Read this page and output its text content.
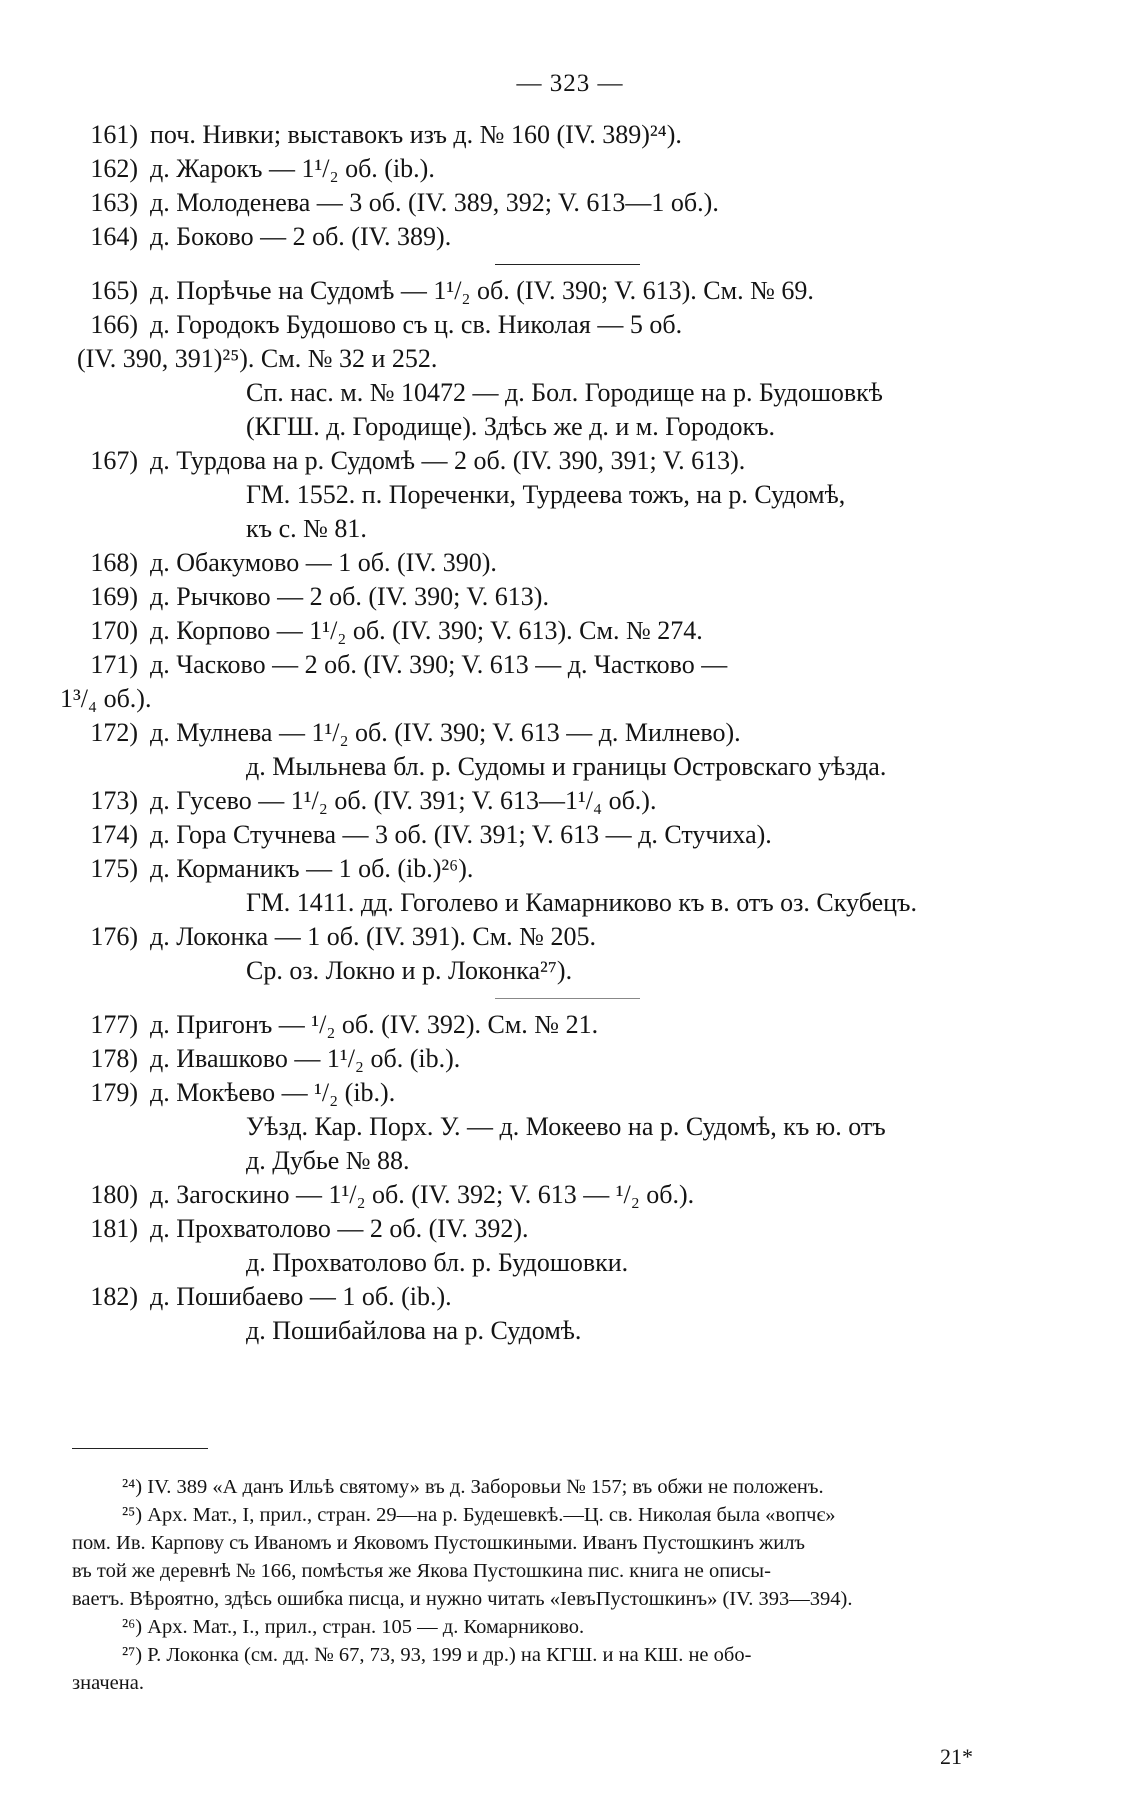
— 323 —
161) поч. Нивки; выставокъ изъ д. № 160 (IV. 389)²⁴).
162) д. Жарокъ — 1¹/₂ об. (ib.).
163) д. Молоденева — 3 об. (IV. 389, 392; V. 613—1 об.).
164) д. Боково — 2 об. (IV. 389).
165) д. Порѣчье на Судомѣ — 1¹/₂ об. (IV. 390; V. 613). См. № 69.
166) д. Городокъ Будошово съ ц. св. Николая — 5 об.
(IV. 390, 391)²⁵). См. № 32 и 252.
Сп. нас. м. № 10472 — д. Бол. Городище на р. Будошовкѣ
(КГШ. д. Городище). Здѣсь же д. и м. Городокъ.
167) д. Турдова на р. Судомѣ — 2 об. (IV. 390, 391; V. 613).
ГМ. 1552. п. Пореченки, Турдеева тожъ, на р. Судомѣ,
къ с. № 81.
168) д. Обакумово — 1 об. (IV. 390).
169) д. Рычково — 2 об. (IV. 390; V. 613).
170) д. Корпово — 1¹/₂ об. (IV. 390; V. 613). См. № 274.
171) д. Часково — 2 об. (IV. 390; V. 613 — д. Частково —
1³/₄ об.).
172) д. Мулнева — 1¹/₂ об. (IV. 390; V. 613 — д. Милнево).
д. Мыльнева бл. р. Судомы и границы Островскаго уѣзда.
173) д. Гусево — 1¹/₂ об. (IV. 391; V. 613—1¹/₄ об.).
174) д. Гора Стучнева — 3 об. (IV. 391; V. 613 — д. Стучиха).
175) д. Корманикъ — 1 об. (ib.)²⁶).
ГМ. 1411. дд. Гоголево и Камарниково къ в. отъ оз. Скубецъ.
176) д. Локонка — 1 об. (IV. 391). См. № 205.
Ср. оз. Локно и р. Локонка²⁷).
177) д. Пригонъ — ¹/₂ об. (IV. 392). См. № 21.
178) д. Ивашково — 1¹/₂ об. (ib.).
179) д. Мокѣево — ¹/₂ (ib.).
Уѣзд. Кар. Порх. У. — д. Мокеево на р. Судомѣ, къ ю. отъ
д. Дубье № 88.
180) д. Загоскино — 1¹/₂ об. (IV. 392; V. 613 — ¹/₂ об.).
181) д. Прохватолово — 2 об. (IV. 392).
д. Прохватолово бл. р. Будошовки.
182) д. Пошибаево — 1 об. (ib.).
д. Пошибайлова на р. Судомѣ.
²⁴) IV. 389 «А данъ Ильѣ святому» въ д. Заборовьи № 157; въ обжи не положенъ.
²⁵) Арх. Мат., I, прил., стран. 29—на р. Будешевкѣ.—Ц. св. Николая была «вопчє»
пом. Ив. Карпову съ Иваномъ и Яковомъ Пустошкиными. Иванъ Пустошкинъ жилъ
въ той же деревнѣ № 166, помѣстья же Якова Пустошкина пис. книга не описы-
ваетъ. Вѣроятно, здѣсь ошибка писца, и нужно читать «ІевъПустошкинъ» (IV. 393—394).
²⁶) Арх. Мат., I., прил., стран. 105 — д. Комарниково.
²⁷) Р. Локонка (см. дд. № 67, 73, 93, 199 и др.) на КГШ. и на КШ. не обо-
значена.
21*
